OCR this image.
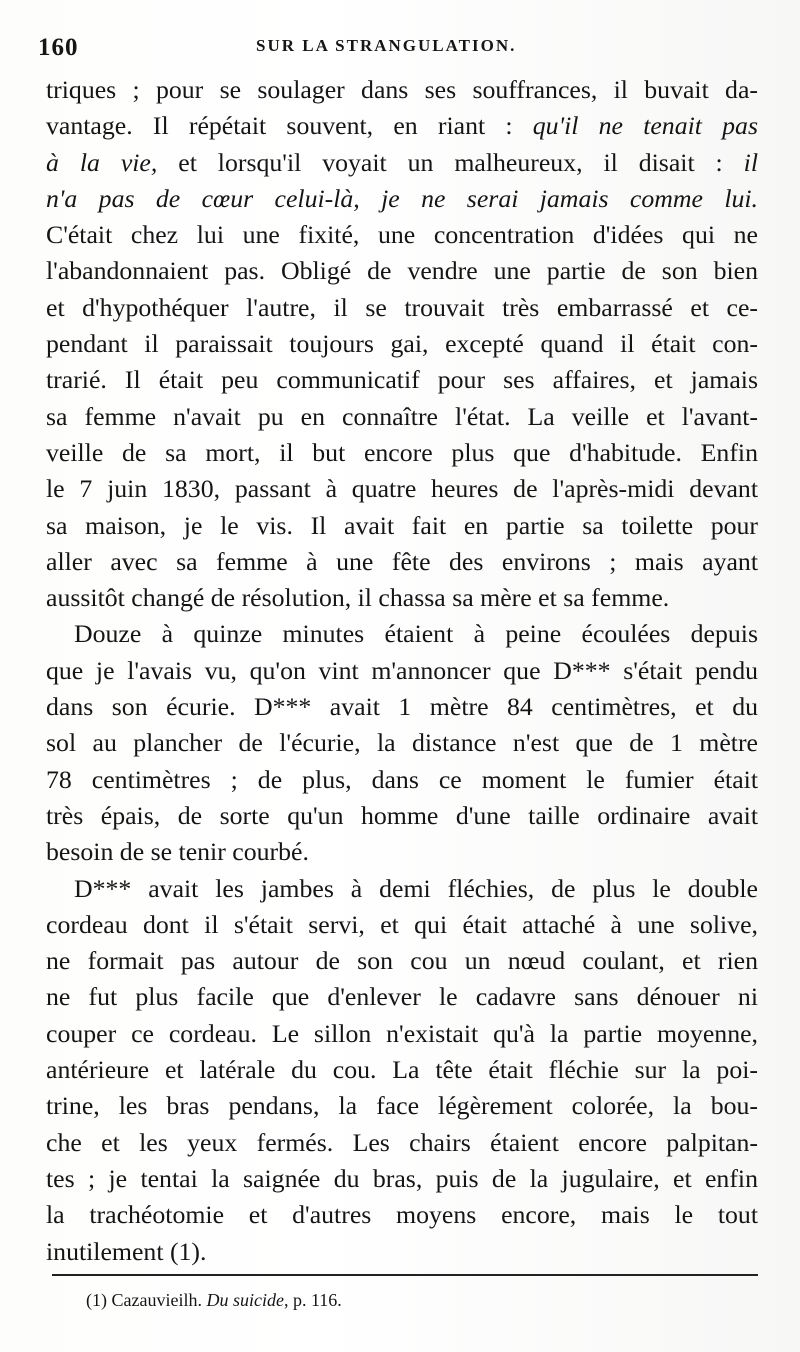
160	SUR LA STRANGULATION.
triques ; pour se soulager dans ses souffrances, il buvait da-
vantage. Il répétait souvent, en riant : qu'il ne tenait pas
à la vie, et lorsqu'il voyait un malheureux, il disait : il
n'a pas de cœur celui-là, je ne serai jamais comme lui.
C'était chez lui une fixité, une concentration d'idées qui ne
l'abandonnaient pas. Obligé de vendre une partie de son bien
et d'hypothéquer l'autre, il se trouvait très embarrassé et ce-
pendant il paraissait toujours gai, excepté quand il était con-
trarié. Il était peu communicatif pour ses affaires, et jamais
sa femme n'avait pu en connaître l'état. La veille et l'avant-
veille de sa mort, il but encore plus que d'habitude. Enfin
le 7 juin 1830, passant à quatre heures de l'après-midi devant
sa maison, je le vis. Il avait fait en partie sa toilette pour
aller avec sa femme à une fête des environs ; mais ayant
aussitôt changé de résolution, il chassa sa mère et sa femme.
Douze à quinze minutes étaient à peine écoulées depuis
que je l'avais vu, qu'on vint m'annoncer que D*** s'était pendu
dans son écurie. D*** avait 1 mètre 84 centimètres, et du
sol au plancher de l'écurie, la distance n'est que de 1 mètre
78 centimètres ; de plus, dans ce moment le fumier était
très épais, de sorte qu'un homme d'une taille ordinaire avait
besoin de se tenir courbé.
D*** avait les jambes à demi fléchies, de plus le double
cordeau dont il s'était servi, et qui était attaché à une solive,
ne formait pas autour de son cou un nœud coulant, et rien
ne fut plus facile que d'enlever le cadavre sans dénouer ni
couper ce cordeau. Le sillon n'existait qu'à la partie moyenne,
antérieure et latérale du cou. La tête était fléchie sur la poi-
trine, les bras pendans, la face légèrement colorée, la bou-
che et les yeux fermés. Les chairs étaient encore palpitan-
tes ; je tentai la saignée du bras, puis de la jugulaire, et enfin
la trachéotomie et d'autres moyens encore, mais le tout
inutilement (1).
(1) Cazauvieilh. Du suicide, p. 116.
